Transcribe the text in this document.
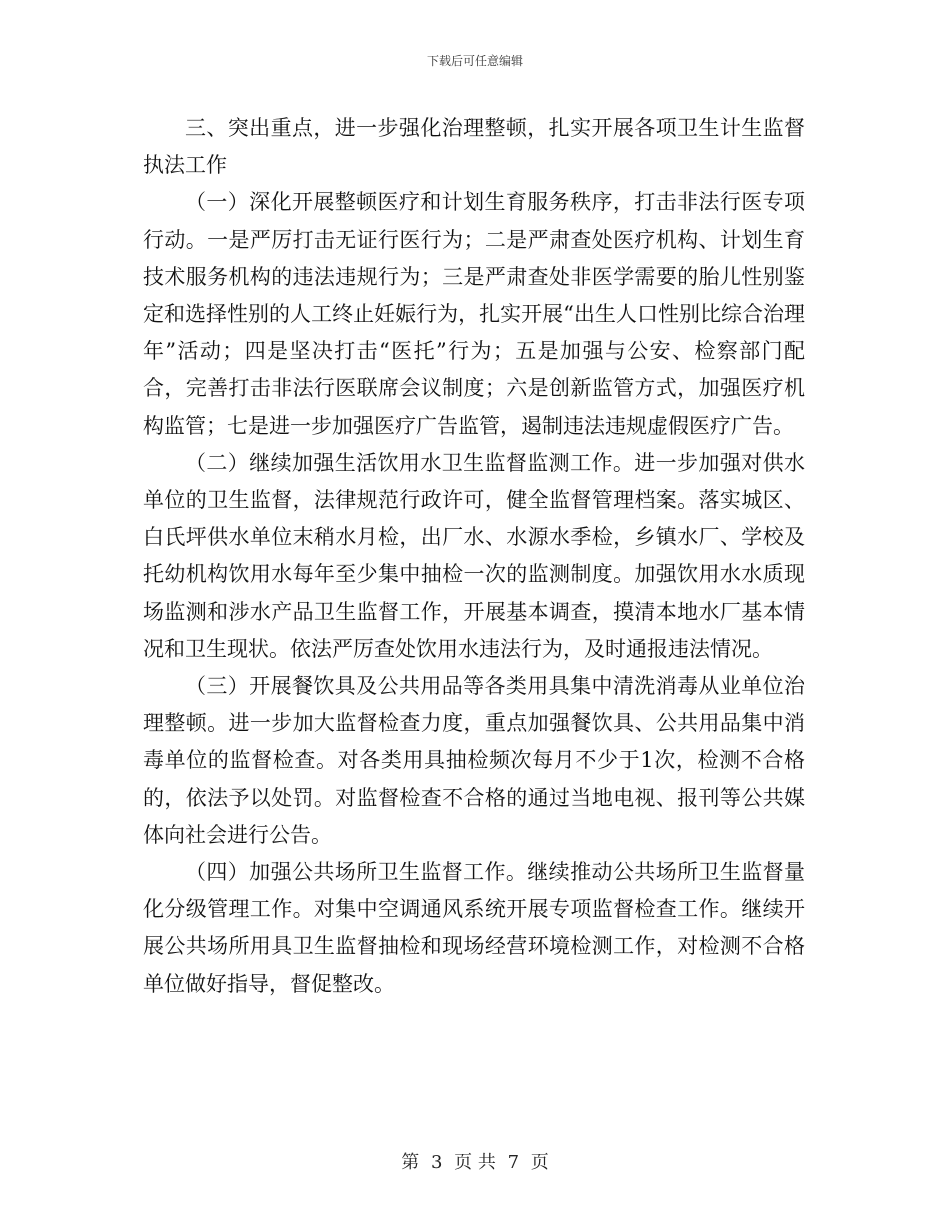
下载后可任意编辑

三、突出重点，进一步强化治理整顿，扎实开展各项卫生计生监督执法工作

（一）深化开展整顿医疗和计划生育服务秩序，打击非法行医专项行动。一是严厉打击无证行医行为；二是严肃查处医疗机构、计划生育技术服务机构的违法违规行为；三是严肃查处非医学需要的胎儿性别鉴定和选择性别的人工终止妊娠行为，扎实开展“出生人口性别比综合治理年”活动；四是坚决打击“医托”行为；五是加强与公安、检察部门配合，完善打击非法行医联席会议制度；六是创新监管方式，加强医疗机构监管；七是进一步加强医疗广告监管，遏制违法违规虚假医疗广告。

（二）继续加强生活饮用水卫生监督监测工作。进一步加强对供水单位的卫生监督，法律规范行政许可，健全监督管理档案。落实城区、白氏坪供水单位末稍水月检，出厂水、水源水季检，乡镇水厂、学校及托幼机构饮用水每年至少集中抽检一次的监测制度。加强饮用水水质现场监测和涉水产品卫生监督工作，开展基本调查，摸清本地水厂基本情况和卫生现状。依法严厉查处饮用水违法行为，及时通报违法情况。

（三）开展餐饮具及公共用品等各类用具集中清洗消毒从业单位治理整顿。进一步加大监督检查力度，重点加强餐饮具、公共用品集中消毒单位的监督检查。对各类用具抽检频次每月不少于1次，检测不合格的，依法予以处罚。对监督检查不合格的通过当地电视、报刊等公共媒体向社会进行公告。

（四）加强公共场所卫生监督工作。继续推动公共场所卫生监督量化分级管理工作。对集中空调通风系统开展专项监督检查工作。继续开展公共场所用具卫生监督抽检和现场经营环境检测工作，对检测不合格单位做好指导，督促整改。

第 3 页 共 7 页
